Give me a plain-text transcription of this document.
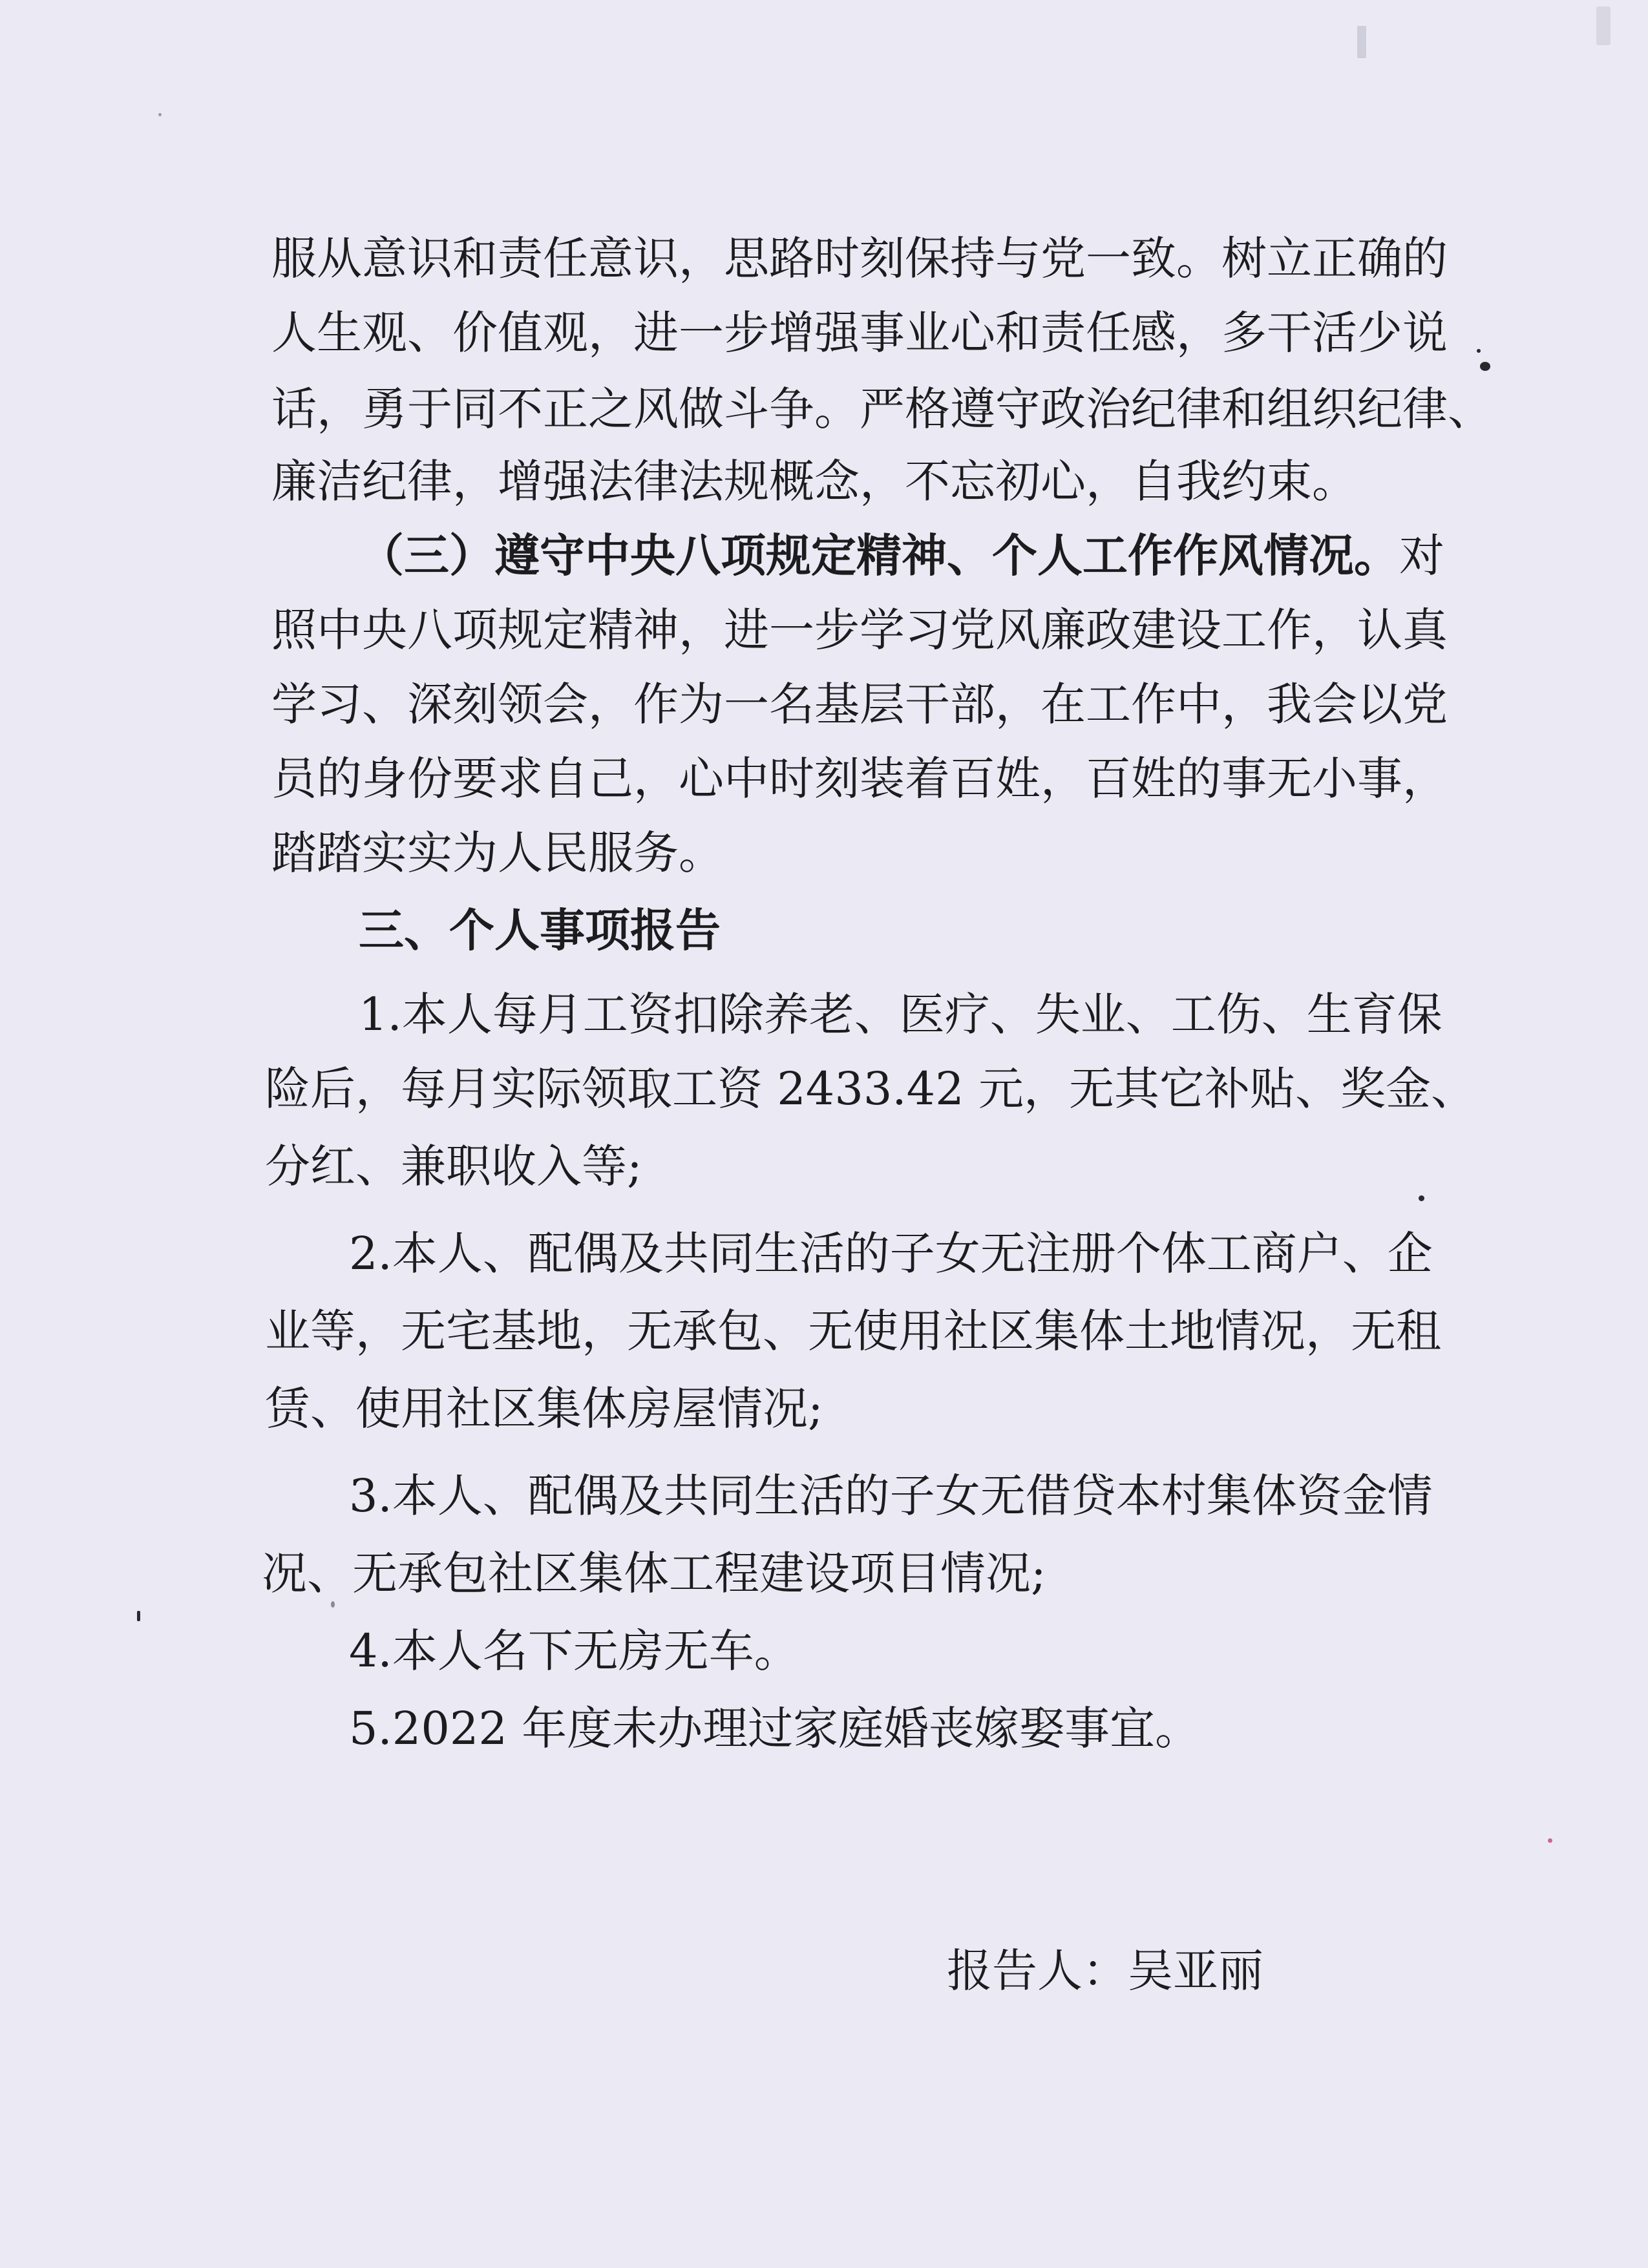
服从意识和责任意识，思路时刻保持与党一致。树立正确的
人生观、价值观，进一步增强事业心和责任感，多干活少说
话，勇于同不正之风做斗争。严格遵守政治纪律和组织纪律、
廉洁纪律，增强法律法规概念，不忘初心，自我约束。
（三）遵守中央八项规定精神、个人工作作风情况。对
照中央八项规定精神，进一步学习党风廉政建设工作，认真
学习、深刻领会，作为一名基层干部，在工作中，我会以党
员的身份要求自己，心中时刻装着百姓，百姓的事无小事，
踏踏实实为人民服务。
三、个人事项报告
1.本人每月工资扣除养老、医疗、失业、工伤、生育保
险后，每月实际领取工资 2433.42 元，无其它补贴、奖金、
分红、兼职收入等;
2.本人、配偶及共同生活的子女无注册个体工商户、企
业等，无宅基地，无承包、无使用社区集体土地情况，无租
赁、使用社区集体房屋情况;
3.本人、配偶及共同生活的子女无借贷本村集体资金情
况、无承包社区集体工程建设项目情况;
4.本人名下无房无车。
5.2022 年度未办理过家庭婚丧嫁娶事宜。
报告人：吴亚丽
